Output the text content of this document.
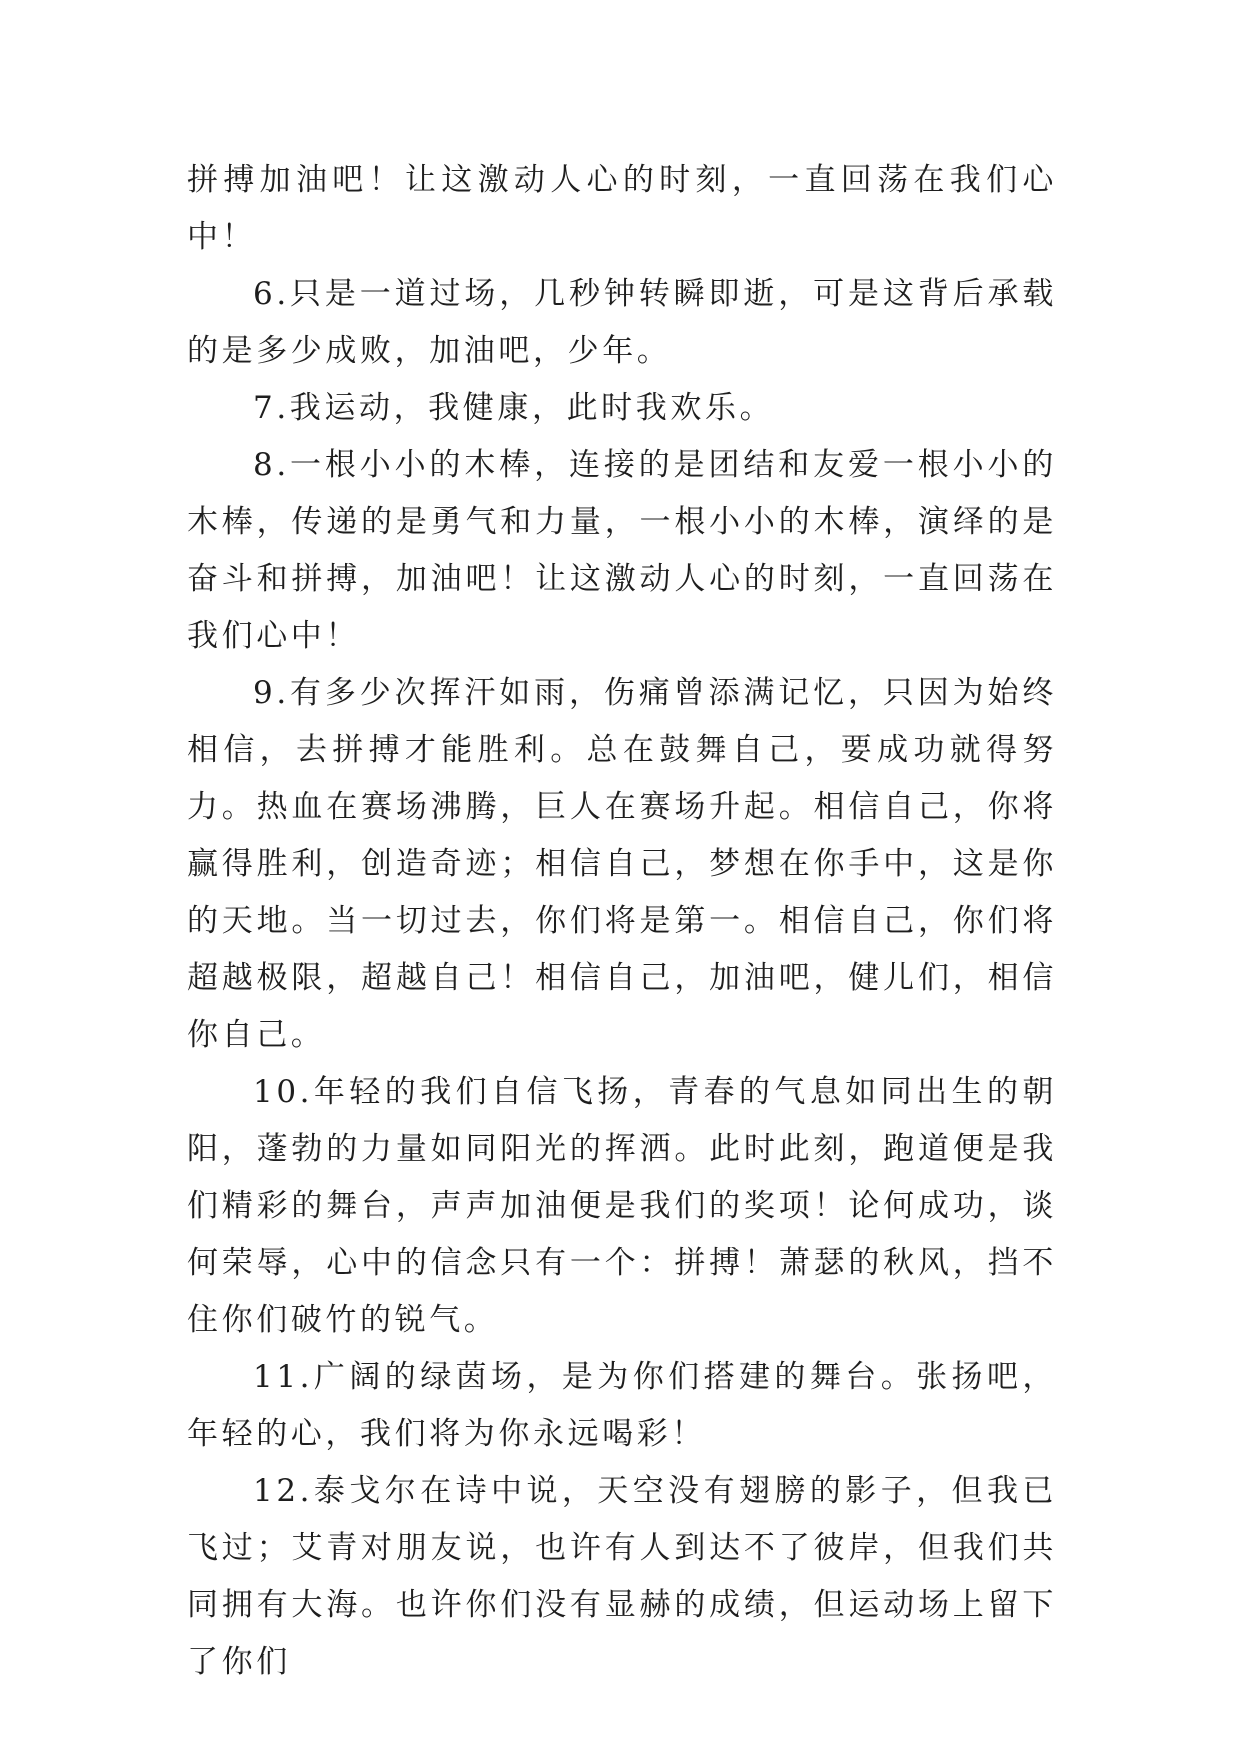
拼搏加油吧！让这激动人心的时刻，一直回荡在我们心中！

6.只是一道过场，几秒钟转瞬即逝，可是这背后承载的是多少成败，加油吧，少年。

7.我运动，我健康，此时我欢乐。

8.一根小小的木棒，连接的是团结和友爱一根小小的木棒，传递的是勇气和力量，一根小小的木棒，演绎的是奋斗和拼搏，加油吧！让这激动人心的时刻，一直回荡在我们心中！

9.有多少次挥汗如雨，伤痛曾添满记忆，只因为始终相信，去拼搏才能胜利。总在鼓舞自己，要成功就得努力。热血在赛场沸腾，巨人在赛场升起。相信自己，你将赢得胜利，创造奇迹；相信自己，梦想在你手中，这是你的天地。当一切过去，你们将是第一。相信自己，你们将超越极限，超越自己！相信自己，加油吧，健儿们，相信你自己。

10.年轻的我们自信飞扬，青春的气息如同出生的朝阳，蓬勃的力量如同阳光的挥洒。此时此刻，跑道便是我们精彩的舞台，声声加油便是我们的奖项！论何成功，谈何荣辱，心中的信念只有一个：拼搏！萧瑟的秋风，挡不住你们破竹的锐气。

11.广阔的绿茵场，是为你们搭建的舞台。张扬吧，年轻的心，我们将为你永远喝彩！

12.泰戈尔在诗中说，天空没有翅膀的影子，但我已飞过；艾青对朋友说，也许有人到达不了彼岸，但我们共同拥有大海。也许你们没有显赫的成绩，但运动场上留下了你们
